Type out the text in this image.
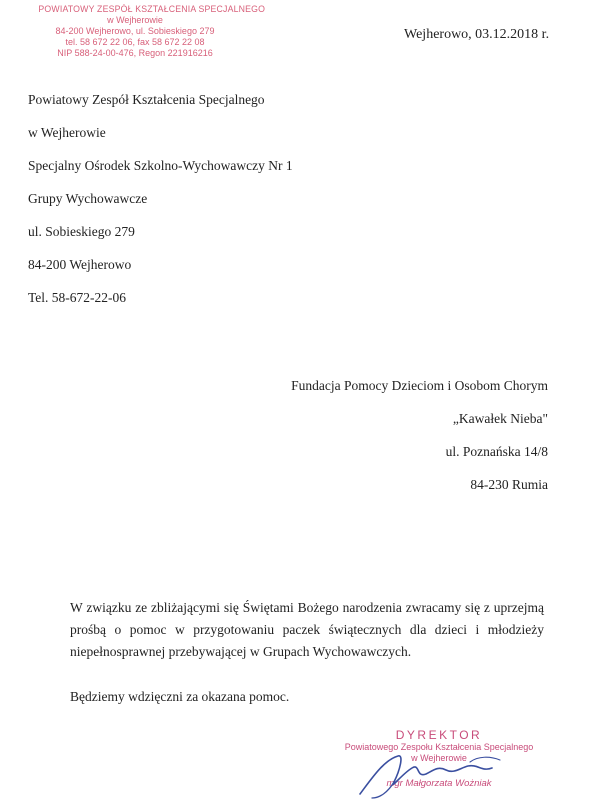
POWIATOWY ZESPÓŁ KSZTAŁCENIA SPECJALNEGO
w Wejherowie
84-200 Wejherowo, ul. Sobieskiego 279
tel. 58 672 22 06, fax 58 672 22 08
NIP 588-24-00-476, Regon 221916216
Wejherowo, 03.12.2018 r.
Powiatowy Zespół Kształcenia Specjalnego
w Wejherowie
Specjalny Ośrodek Szkolno-Wychowawczy Nr 1
Grupy Wychowawcze
ul. Sobieskiego 279
84-200 Wejherowo
Tel. 58-672-22-06
Fundacja Pomocy Dzieciom i Osobom Chorym
„Kawałek Nieba"
ul. Poznańska 14/8
84-230 Rumia

W związku ze zbliżającymi się Świętami Bożego narodzenia zwracamy się z uprzejmą prośbą o pomoc w przygotowaniu paczek świątecznych dla dzieci i młodzieży niepełnosprawnej przebywającej w Grupach Wychowawczych.

Będziemy wdzięczni za okazana pomoc.

DYREKTOR
Powiatowego Zespołu Kształcenia Specjalnego
w Wejherowie
mgr Małgorzata Wożniak
